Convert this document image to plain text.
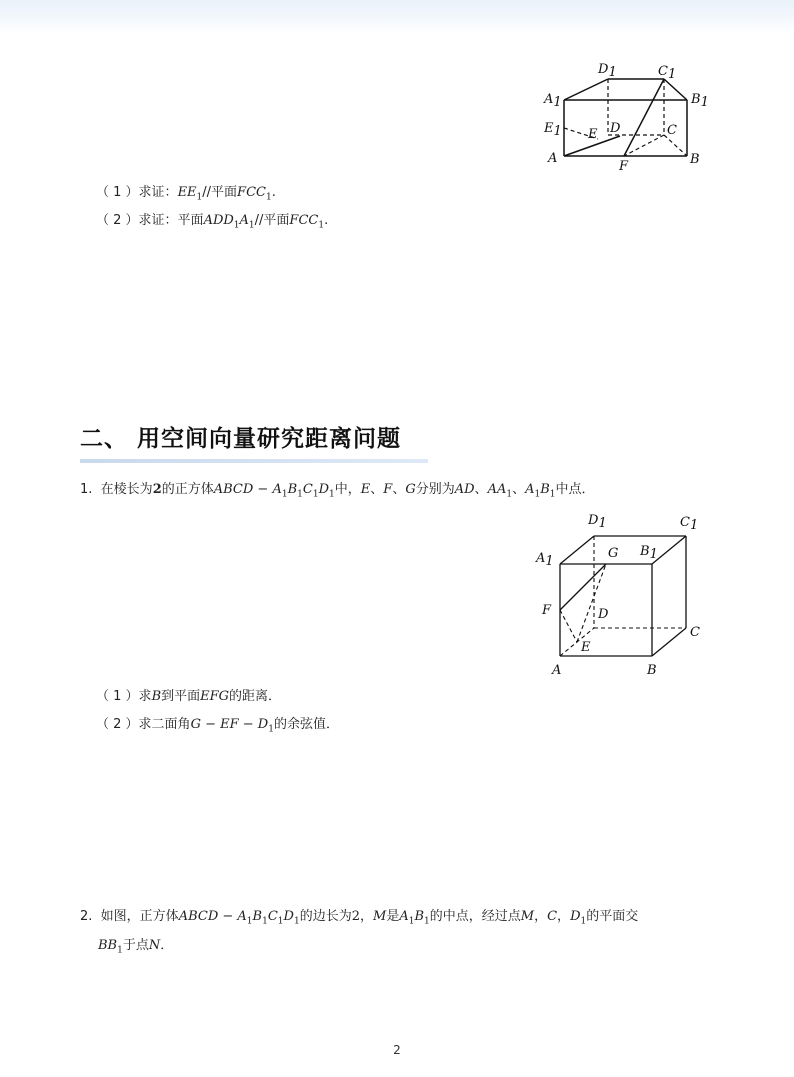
D1	C1
A1	B1
E1 E D	C
A
F	B
（ 1 ）求证：$EE_1//$平面$FCC_1$.
（ 2 ）求证：平面$ADD_1A_1//$平面$FCC_1$.
二、 用空间向量研究距离问题
1. 在棱长为2的正方体ABCD − $A_1B_1C_1D_1$中，E、F、G分别为AD、$AA_1$、$A_1B_1$中点．
D1	C1
A1
G B1
F	D
C
E
A	B
（ 1 ）求B到平面EFG的距离．
（ 2 ）求二面角G − EF − $D_1$的余弦值．
2. 如图，正方体ABCD − $A_1B_1C_1D_1$的边长为2，M是$A_1B_1$的中点，经过点M，C，$D_1$的平面交
$BB_1$于点N．
2
